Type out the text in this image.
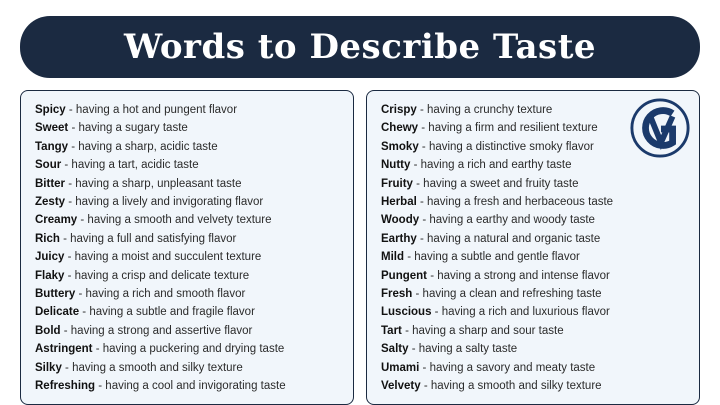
Words to Describe Taste
Spicy - having a hot and pungent flavor
Sweet - having a sugary taste
Tangy - having a sharp, acidic taste
Sour - having a tart, acidic taste
Bitter - having a sharp, unpleasant taste
Zesty - having a lively and invigorating flavor
Creamy - having a smooth and velvety texture
Rich - having a full and satisfying flavor
Juicy - having a moist and succulent texture
Flaky - having a crisp and delicate texture
Buttery - having a rich and smooth flavor
Delicate - having a subtle and fragile flavor
Bold - having a strong and assertive flavor
Astringent - having a puckering and drying taste
Silky - having a smooth and silky texture
Refreshing - having a cool and invigorating taste
Crispy - having a crunchy texture
Chewy - having a firm and resilient texture
Smoky - having a distinctive smoky flavor
Nutty - having a rich and earthy taste
Fruity - having a sweet and fruity taste
Herbal - having a fresh and herbaceous taste
Woody - having a earthy and woody taste
Earthy - having a natural and organic taste
Mild - having a subtle and gentle flavor
Pungent - having a strong and intense flavor
Fresh - having a clean and refreshing taste
Luscious - having a rich and luxurious flavor
Tart - having a sharp and sour taste
Salty - having a salty taste
Umami - having a savory and meaty taste
Velvety - having a smooth and silky texture
